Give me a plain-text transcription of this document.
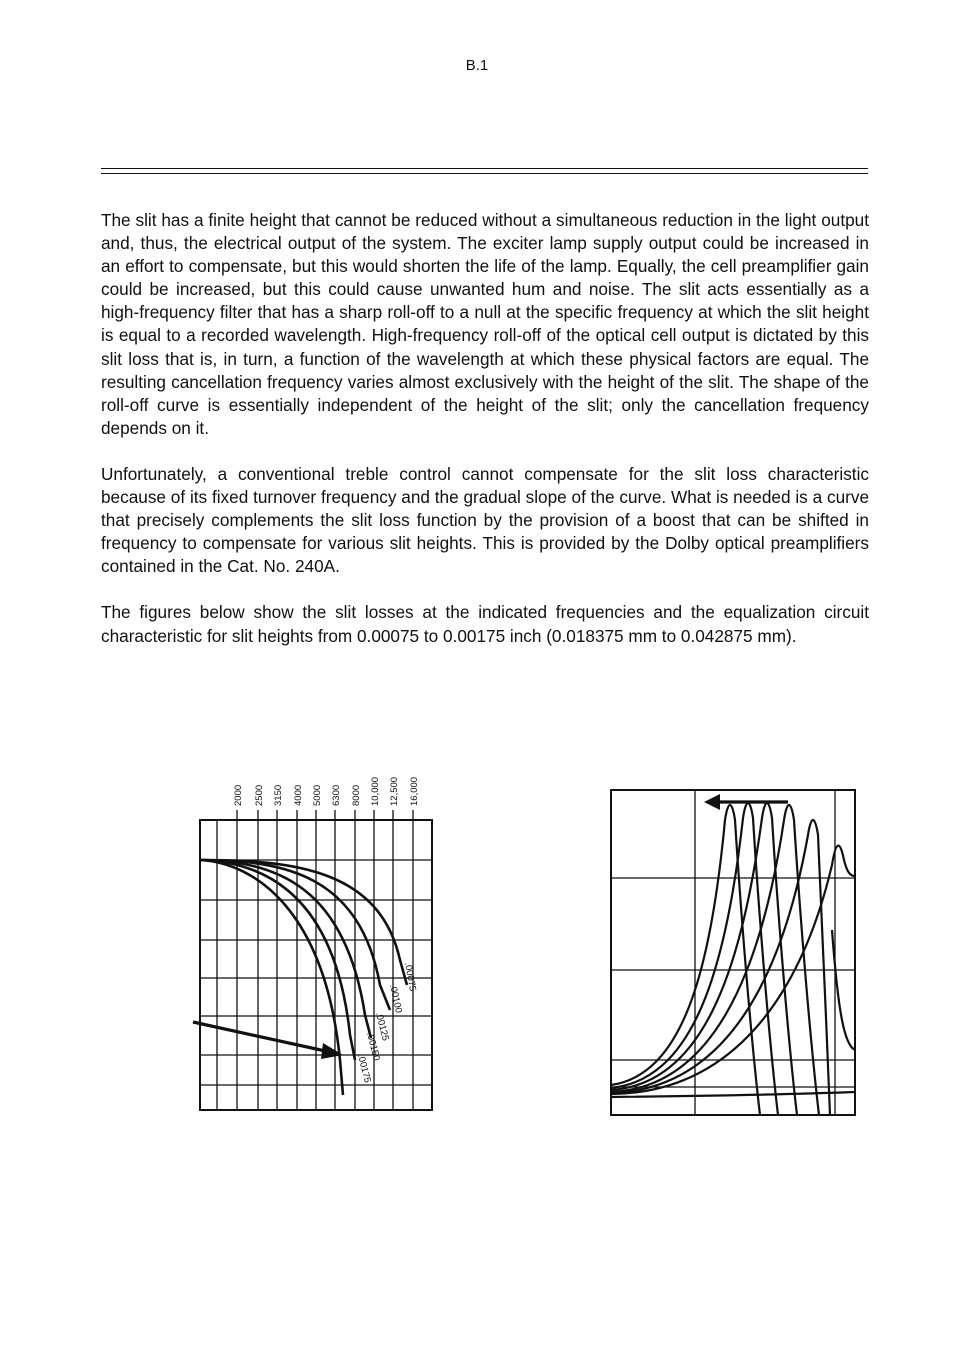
B.1

The slit has a finite height that cannot be reduced without a simultaneous reduction in the light output and, thus, the electrical output of the system. The exciter lamp supply output could be increased in an effort to compensate, but this would shorten the life of the lamp. Equally, the cell preamplifier gain could be increased, but this could cause unwanted hum and noise. The slit acts essentially as a high-frequency filter that has a sharp roll-off to a null at the specific frequency at which the slit height is equal to a recorded wavelength. High-frequency roll-off of the optical cell output is dictated by this slit loss that is, in turn, a function of the wavelength at which these physical factors are equal. The resulting cancellation frequency varies almost exclusively with the height of the slit. The shape of the roll-off curve is essentially independent of the height of the slit; only the cancellation frequency depends on it.

Unfortunately, a conventional treble control cannot compensate for the slit loss characteristic because of its fixed turnover frequency and the gradual slope of the curve. What is needed is a curve that precisely complements the slit loss function by the provision of a boost that can be shifted in frequency to compensate for various slit heights. This is provided by the Dolby optical preamplifiers contained in the Cat. No. 240A.

The figures below show the slit losses at the indicated frequencies and the equalization circuit characteristic for slit heights from 0.00075 to 0.00175 inch (0.018375 mm to 0.042875 mm).

2000 2500 3150 4000 5000 6300 8000 10,000 12,500 16,000
.00075
.00100
.00125
.00150
.00175
